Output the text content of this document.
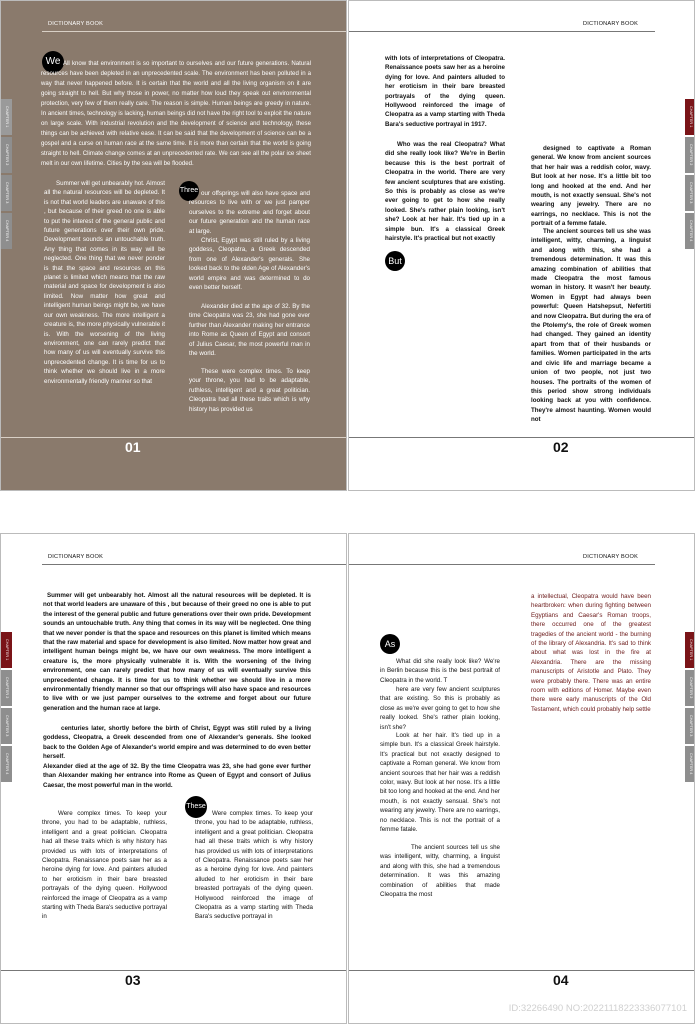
DICTIONARY BOOK
We All know that environment is so important to ourselves and our future generations. Natural resources have been depleted in an unprecedented scale. The environment has been polluted in a way that never happened before. It is certain that the world and all the living organism on it are going straight to hell. But why those in power, no matter how loud they speak out environmental protection, very few of them really care. The reason is simple. Human beings are greedy in nature. In ancient times, technology is lacking, human beings did not have the right tool to exploit the nature on large scale. With industrial revolution and the development of science and technology, these things can be achieved with relative ease. It can be said that the development of science can be a gospel and a curse on human race at the same time. It is more than certain that the world is going straight to hell. Climate change comes at an unprecedented rate. We can see all the polar ice sheet melt in our own lifetime. Cities by the sea will be flooded.
Summer will get unbearably hot. Almost all the natural resources will be depleted. It is not that world leaders are unaware of this , but because of their greed no one is able to put the interest of the general public and future generations over their own pride. Development sounds an untouchable truth. Any thing that comes in its way will be neglected. One thing that we never ponder is that the space and resources on this planet is limited which means that the raw material and space for development is also limited. Now matter how great and intelligent human beings might be, we have our own weakness. The more intelligent a creature is, the more physically vulnerable it is. With the worsening of the living environment, one can rarely predict that how many of us will eventually survive this unprecedented change. It is time for us to think whether we should live in a more environmentally friendly manner so that
Three our offsprings will also have space and resources to live with or we just pamper ourselves to the extreme and forget about our future generation and the human race at large.
Christ, Egypt was still ruled by a living goddess, Cleopatra, a Greek descended from one of Alexander's generals. She looked back to the olden Age of Alexander's world empire and was determined to do even better herself.
Alexander died at the age of 32. By the time Cleopatra was 23, she had gone ever further than Alexander making her entrance into Rome as Queen of Egypt and consort of Julius Caesar, the most powerful man in the world.
These were complex times. To keep your throne, you had to be adaptable, ruthless, intelligent and a great politician. Cleopatra had all these traits which is why history has provided us
CHAPTER 1
CHAPTER 2
CHAPTER 3
CHAPTER 4
01
DICTIONARY BOOK
with lots of interpretations of Cleopatra. Renaissance poets saw her as a heroine dying for love. And painters alluded to her eroticism in their bare breasted portrayals of the dying queen. Hollywood reinforced the image of Cleopatra as a vamp starting with Theda Bara's seductive portrayal in 1917.
Who was the real Cleopatra? What did she really look like? We're in Berlin because this is the best portrait of Cleopatra in the world. There are very few ancient sculptures that are existing. So this is probably as close as we're ever going to get to how she really looked. She's rather plain looking, isn't she? Look at her hair. It's tied up in a simple bun. It's a classical Greek hairstyle. It's practical but not exactly
But
designed to captivate a Roman general. We know from ancient sources that her hair was a reddish color, wavy. But look at her nose. It's a little bit too long and hooked at the end. And her mouth, is not exactly sensual. She's not wearing any jewelry. There are no earrings, no necklace. This is not the portrait of a femme fatale.
The ancient sources tell us she was intelligent, witty, charming, a linguist and along with this, she had a tremendous determination. It was this amazing combination of abilities that made Cleopatra the most famous woman in history. It wasn't her beauty. Women in Egypt had always been powerful: Queen Hatshepsut, Nefertiti and now Cleopatra. But during the era of the Ptolemy's, the role of Greek women had changed. They gained an identity apart from that of their husbands or families. Women participated in the arts and civic life and marriage became a union of two people, not just two houses. The portraits of the women of this period show strong individuals looking back at you with confidence. They're almost haunting. Women would not
CHAPTER 1
CHAPTER 2
CHAPTER 3
CHAPTER 4
02
DICTIONARY BOOK
Summer will get unbearably hot. Almost all the natural resources will be depleted. It is not that world leaders are unaware of this , but because of their greed no one is able to put the interest of the general public and future generations over their own pride. Development sounds an untouchable truth. Any thing that comes in its way will be neglected. One thing that we never ponder is that the space and resources on this planet is limited which means that the raw material and space for development is also limited. Now matter how great and intelligent human beings might be, we have our own weakness. The more intelligent a creature is, the more physically vulnerable it is. With the worsening of the living environment, one can rarely predict that how many of us will eventually survive this unprecedented change. It is time for us to think whether we should live in a more environmentally friendly manner so that our offsprings will also have space and resources to live with or we just pamper ourselves to the extreme and forget about our future generation and the human race at large.
centuries later, shortly before the birth of Christ, Egypt was still ruled by a living goddess, Cleopatra, a Greek descended from one of Alexander's generals. She looked back to the Golden Age of Alexander's world empire and was determined to do even better herself.
Alexander died at the age of 32. By the time Cleopatra was 23, she had gone ever further than Alexander making her entrance into Rome as Queen of Egypt and consort of Julius Caesar, the most powerful man in the world.
Were complex times. To keep your throne, you had to be adaptable, ruthless, intelligent and a great politician. Cleopatra had all these traits which is why history has provided us with lots of interpretations of Cleopatra. Renaissance poets saw her as a heroine dying for love. And painters alluded to her eroticism in their bare breasted portrayals of the dying queen. Hollywood reinforced the image of Cleopatra as a vamp starting with Theda Bara's seductive portrayal in
These
Were complex times. To keep your throne, you had to be adaptable, ruthless, intelligent and a great politician. Cleopatra had all these traits which is why history has provided us with lots of interpretations of Cleopatra. Renaissance poets saw her as a heroine dying for love. And painters alluded to her eroticism in their bare breasted portrayals of the dying queen. Hollywood reinforced the image of Cleopatra as a vamp starting with Theda Bara's seductive portrayal in
CHAPTER 1
CHAPTER 2
CHAPTER 3
CHAPTER 4
03
DICTIONARY BOOK
As
What did she really look like? We're in Berlin because this is the best portrait of Cleopatra in the world. T
here are very few ancient sculptures that are existing. So this is probably as close as we're ever going to get to how she really looked. She's rather plain looking, isn't she?
Look at her hair. It's tied up in a simple bun. It's a classical Greek hairstyle. It's practical but not exactly designed to captivate a Roman general. We know from ancient sources that her hair was a reddish color, wavy. But look at her nose. It's a little bit too long and hooked at the end. And her mouth, is not exactly sensual. She's not wearing any jewelry. There are no earrings, no necklace. This is not the portrait of a femme fatale.
The ancient sources tell us she was intelligent, witty, charming, a linguist and along with this, she had a tremendous determination. It was this amazing combination of abilities that made Cleopatra the most
a intellectual, Cleopatra would have been heartbroken: when during fighting between Egyptians and Caesar's Roman troops, there occurred one of the greatest tragedies of the ancient world - the burning of the library of Alexandria. It's sad to think about what was lost in the fire at Alexandria. There are the missing manuscripts of Aristotle and Plato. They were probably there. There was an entire room with editions of Homer. Maybe even there were early manuscripts of the Old Testament, which could probably help settle
CHAPTER 1
CHAPTER 2
CHAPTER 3
CHAPTER 4
04
ID:32266490 NO:20221118223336077101
